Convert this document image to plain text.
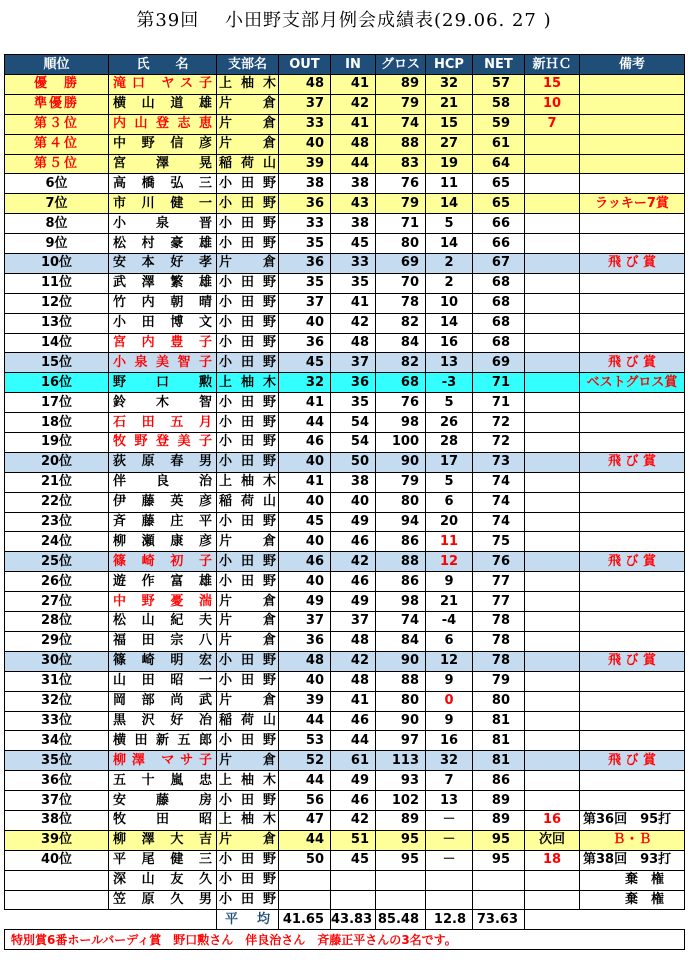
第39回　 小田野支部月例会成績表(29.06. 27 )
順位	氏　　名	支部名	OUT	IN	グロス	HCP	NET	新ＨＣ	備考
優　勝	滝口 ヤス子	上柚木	48	41	89	32	57	15	
準優勝	横山道雄	片　倉	37	42	79	21	58	10	
第３位	内山登志恵	片　倉	33	41	74	15	59	7	
第４位	中野信彦	片　倉	40	48	88	27	61		
第５位	宮澤晃	稲荷山	39	44	83	19	64		
6位	高橋弘三	小田野	38	38	76	11	65		
7位	市川健一	小田野	36	43	79	14	65		ラッキー7賞
8位	小泉晋	小田野	33	38	71	5	66		
9位	松村豪雄	小田野	35	45	80	14	66		
10位	安本好孝	片　倉	36	33	69	2	67		飛 び 賞
11位	武澤繁雄	小田野	35	35	70	2	68		
12位	竹内朝晴	小田野	37	41	78	10	68		
13位	小田博文	小田野	40	42	82	14	68		
14位	宮内豊子	小田野	36	48	84	16	68		
15位	小泉美智子	小田野	45	37	82	13	69		飛 び 賞
16位	野口勲	上柚木	32	36	68	-3	71		ベストグロス賞
17位	鈴木智	小田野	41	35	76	5	71		
18位	石田五月	小田野	44	54	98	26	72		
19位	牧野登美子	小田野	46	54	100	28	72		
20位	荻原春男	小田野	40	50	90	17	73		飛 び 賞
21位	伴良治	上柚木	41	38	79	5	74		
22位	伊藤英彦	稲荷山	40	40	80	6	74		
23位	斉藤庄平	小田野	45	49	94	20	74		
24位	柳瀬康彦	片　倉	40	46	86	11	75		
25位	篠崎初子	小田野	46	42	88	12	76		飛 び 賞
26位	遊作富雄	小田野	40	46	86	9	77		
27位	中野憂湍	片　倉	49	49	98	21	77		
28位	松山紀夫	片　倉	37	37	74	-4	78		
29位	福田宗八	片　倉	36	48	84	6	78		
30位	篠崎明宏	小田野	48	42	90	12	78		飛 び 賞
31位	山田昭一	小田野	40	48	88	9	79		
32位	岡部尚武	片　倉	39	41	80	0	80		
33位	黒沢好冶	稲荷山	44	46	90	9	81		
34位	横田新五郎	小田野	53	44	97	16	81		
35位	柳澤 マサ子	片　倉	52	61	113	32	81		飛 び 賞
36位	五十嵐忠	上柚木	44	49	93	7	86		
37位	安藤房	小田野	56	46	102	13	89		
38位	牧田昭	上柚木	47	42	89	－	89	16	第36回　95打
39位	柳澤大吉	片　倉	44	51	95	－	95	次回	Ｂ・Ｂ
40位	平尾健三	小田野	50	45	95	－	95	18	第38回　93打
	深山友久	小田野							棄　権
	笠原久男	小田野							棄　権
		平　均	41.65	43.83	85.48	12.8	73.63		
特別賞6番ホールバーディ賞　野口勲さん　伴良治さん　斉藤正平さんの3名です。									
